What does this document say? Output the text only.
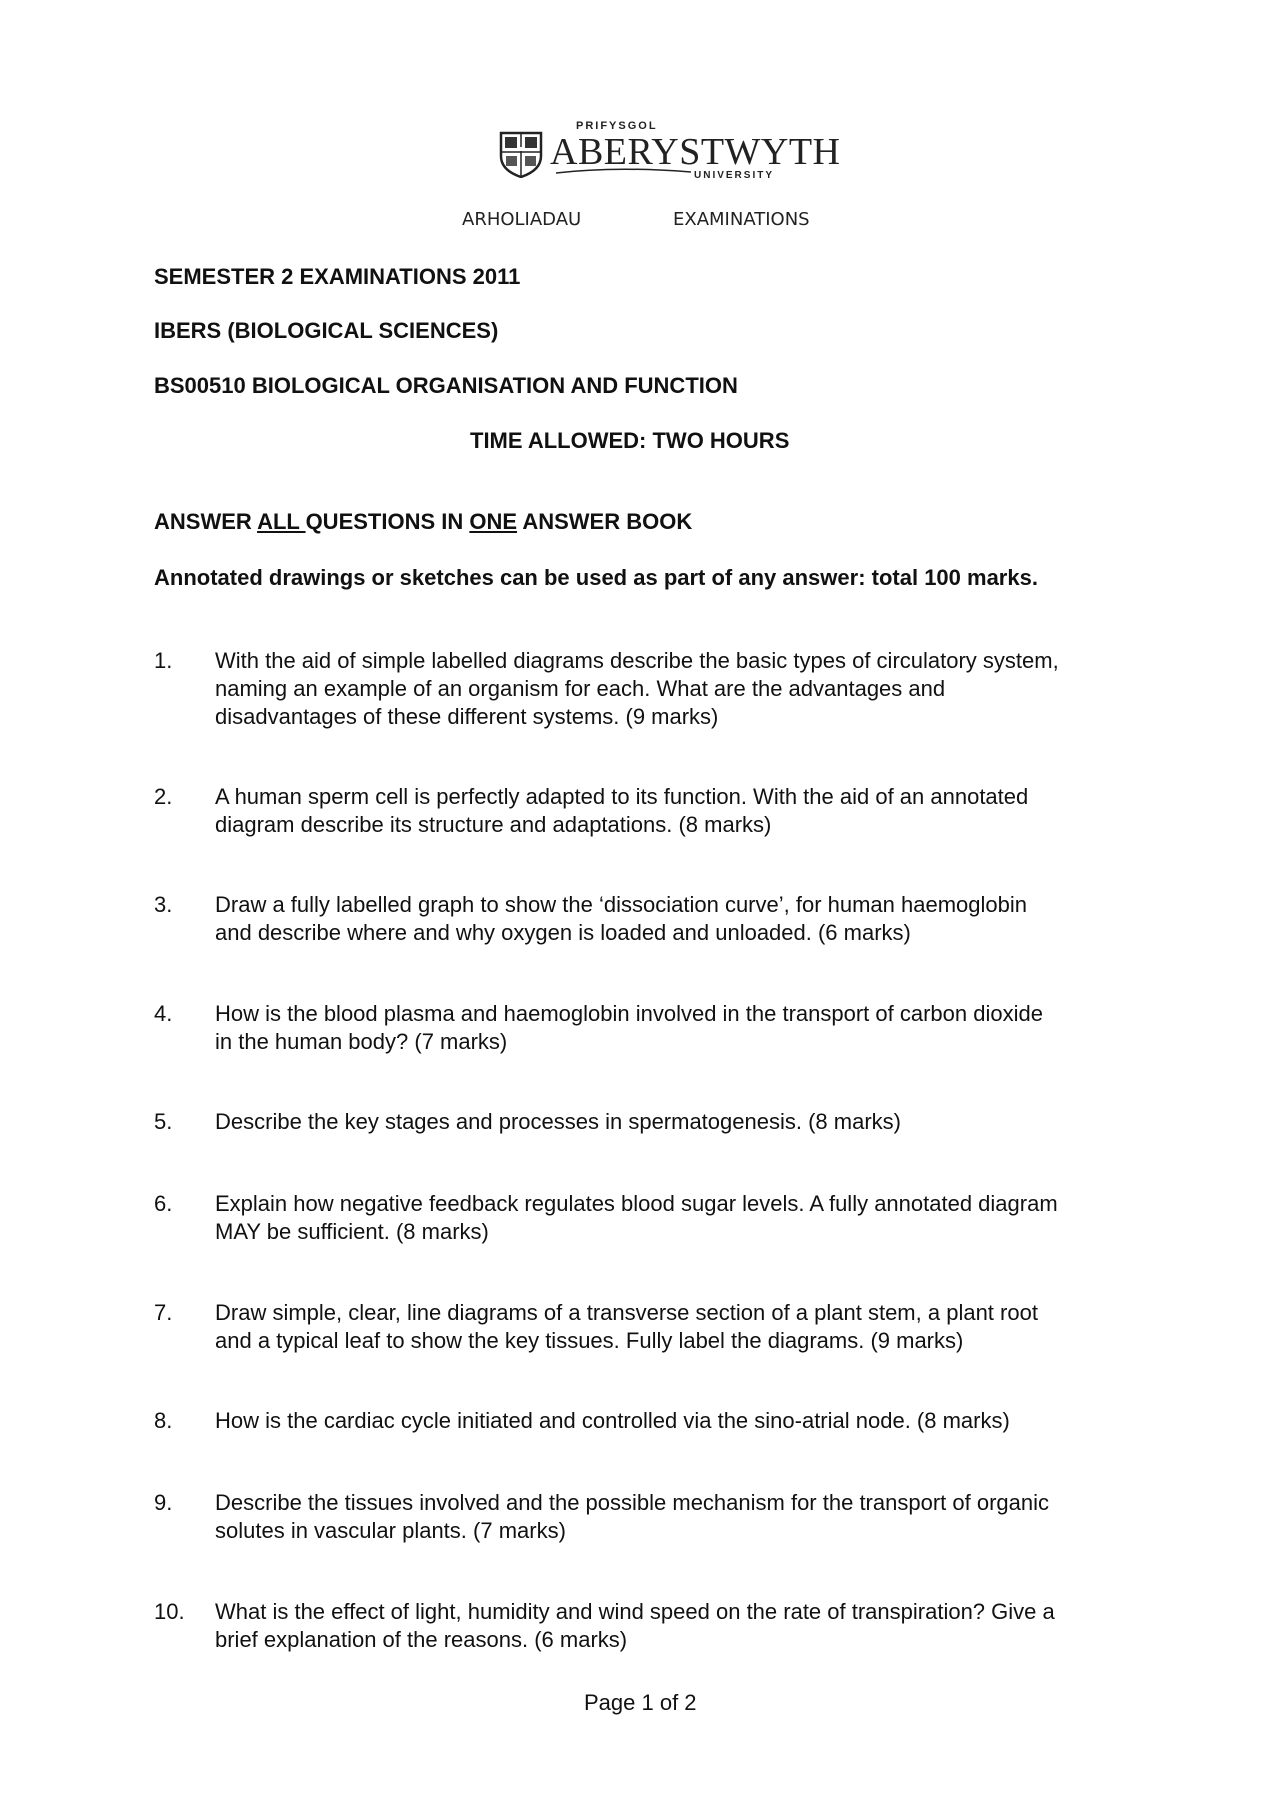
PRIFYSGOL
ABERYSTWYTH
UNIVERSITY
ARHOLIADAU	EXAMINATIONS
SEMESTER 2 EXAMINATIONS 2011
IBERS (BIOLOGICAL SCIENCES)
BS00510 BIOLOGICAL ORGANISATION AND FUNCTION
TIME ALLOWED: TWO HOURS
ANSWER ALL QUESTIONS IN ONE ANSWER BOOK
Annotated drawings or sketches can be used as part of any answer: total 100 marks.
1. With the aid of simple labelled diagrams describe the basic types of circulatory system,
naming an example of an organism for each. What are the advantages and
disadvantages of these different systems. (9 marks)
2. A human sperm cell is perfectly adapted to its function. With the aid of an annotated
diagram describe its structure and adaptations. (8 marks)
3. Draw a fully labelled graph to show the ‘dissociation curve’, for human haemoglobin
and describe where and why oxygen is loaded and unloaded. (6 marks)
4. How is the blood plasma and haemoglobin involved in the transport of carbon dioxide
in the human body? (7 marks)
5. Describe the key stages and processes in spermatogenesis. (8 marks)
6. Explain how negative feedback regulates blood sugar levels. A fully annotated diagram
MAY be sufficient. (8 marks)
7. Draw simple, clear, line diagrams of a transverse section of a plant stem, a plant root
and a typical leaf to show the key tissues. Fully label the diagrams. (9 marks)
8. How is the cardiac cycle initiated and controlled via the sino-atrial node. (8 marks)
9. Describe the tissues involved and the possible mechanism for the transport of organic
solutes in vascular plants. (7 marks)
10. What is the effect of light, humidity and wind speed on the rate of transpiration? Give a
brief explanation of the reasons. (6 marks)
Page 1 of 2
